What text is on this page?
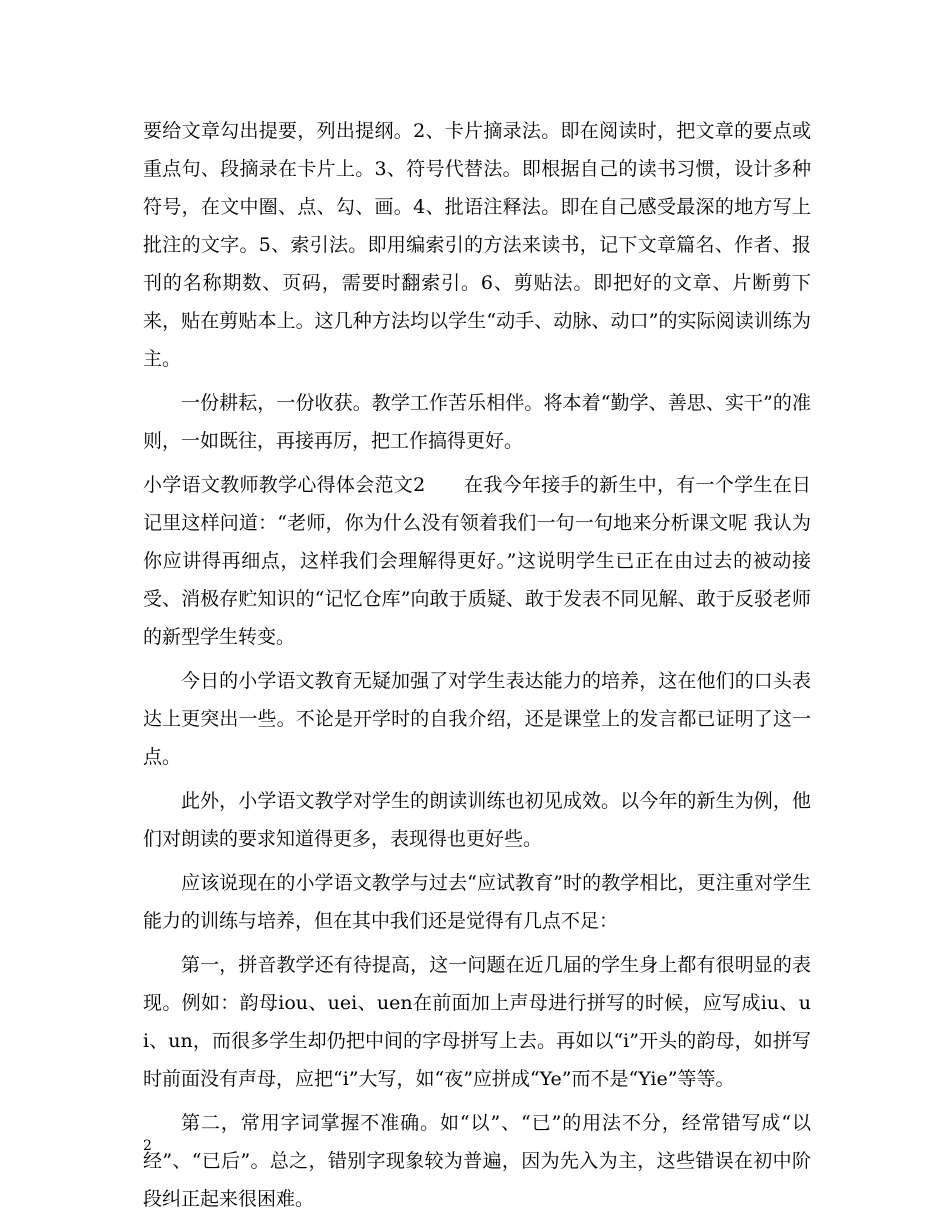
要给文章勾出提要，列出提纲。2、卡片摘录法。即在阅读时，把文章的要点或重点句、段摘录在卡片上。3、符号代替法。即根据自己的读书习惯，设计多种符号，在文中圈、点、勾、画。4、批语注释法。即在自己感受最深的地方写上批注的文字。5、索引法。即用编索引的方法来读书，记下文章篇名、作者、报刊的名称期数、页码，需要时翻索引。6、剪贴法。即把好的文章、片断剪下来，贴在剪贴本上。这几种方法均以学生“动手、动脉、动口”的实际阅读训练为主。

一份耕耘，一份收获。教学工作苦乐相伴。将本着“勤学、善思、实干”的准则，一如既往，再接再厉，把工作搞得更好。

小学语文教师教学心得体会范文2　　在我今年接手的新生中，有一个学生在日记里这样问道：“老师，你为什么没有领着我们一句一句地来分析课文呢 我认为你应讲得再细点，这样我们会理解得更好。”这说明学生已正在由过去的被动接受、消极存贮知识的“记忆仓库”向敢于质疑、敢于发表不同见解、敢于反驳老师的新型学生转变。

今日的小学语文教育无疑加强了对学生表达能力的培养，这在他们的口头表达上更突出一些。不论是开学时的自我介绍，还是课堂上的发言都已证明了这一点。

此外，小学语文教学对学生的朗读训练也初见成效。以今年的新生为例，他们对朗读的要求知道得更多，表现得也更好些。

应该说现在的小学语文教学与过去“应试教育”时的教学相比，更注重对学生能力的训练与培养，但在其中我们还是觉得有几点不足：

第一，拼音教学还有待提高，这一问题在近几届的学生身上都有很明显的表现。例如：韵母iou、uei、uen在前面加上声母进行拼写的时候，应写成iu、ui、un，而很多学生却仍把中间的字母拼写上去。再如以“i”开头的韵母，如拼写时前面没有声母，应把“i”大写，如“夜”应拼成“Ye”而不是“Yie”等等。

第二，常用字词掌握不准确。如“以”、“已”的用法不分，经常错写成“以经”、“已后”。总之，错别字现象较为普遍，因为先入为主，这些错误在初中阶段纠正起来很困难。

2
